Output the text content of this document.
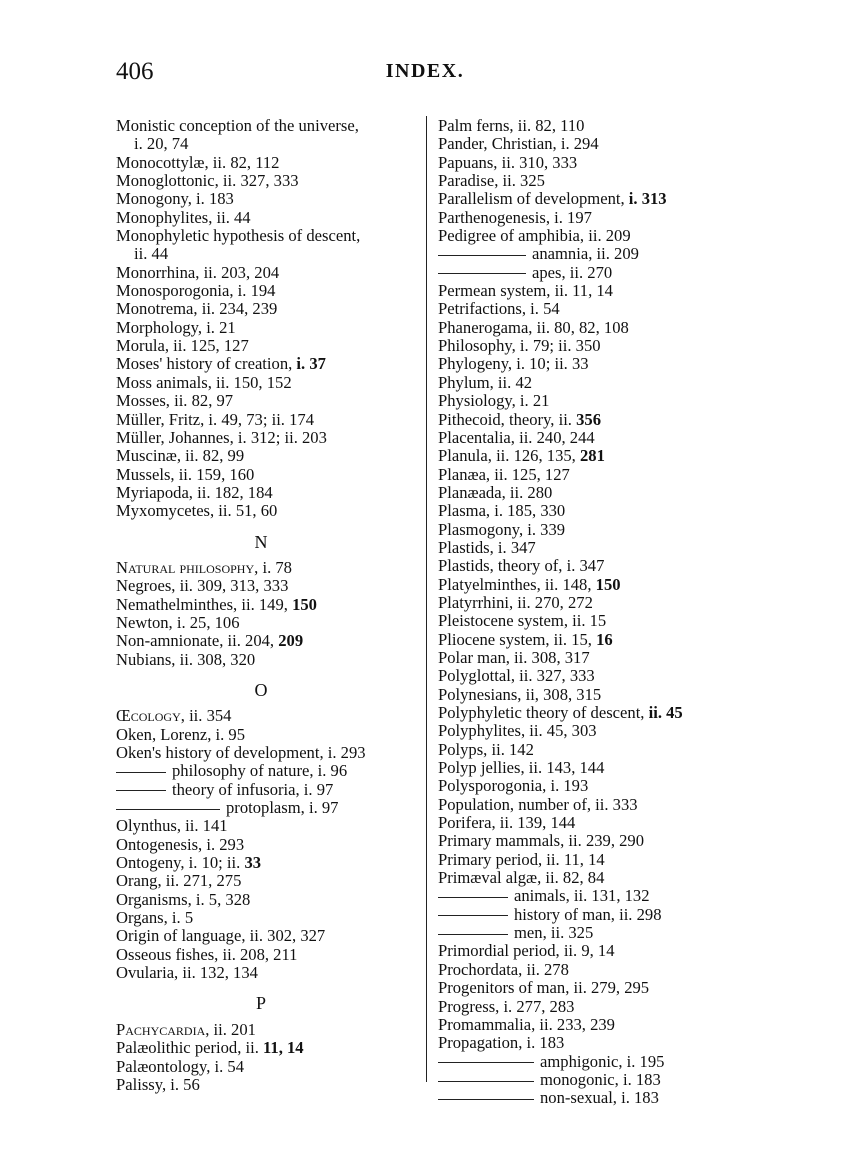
406	INDEX.
Monistic conception of the universe,
i. 20, 74
Monocottylæ, ii. 82, 112
Monoglottonic, ii. 327, 333
Monogony, i. 183
Monophylites, ii. 44
Monophyletic hypothesis of descent,
ii. 44
Monorrhina, ii. 203, 204
Monosporogonia, i. 194
Monotrema, ii. 234, 239
Morphology, i. 21
Morula, ii. 125, 127
Moses' history of creation, i. 37
Moss animals, ii. 150, 152
Mosses, ii. 82, 97
Müller, Fritz, i. 49, 73; ii. 174
Müller, Johannes, i. 312; ii. 203
Muscinæ, ii. 82, 99
Mussels, ii. 159, 160
Myriapoda, ii. 182, 184
Myxomycetes, ii. 51, 60
N
Natural philosophy, i. 78
Negroes, ii. 309, 313, 333
Nemathelminthes, ii. 149, 150
Newton, i. 25, 106
Non-amnionate, ii. 204, 209
Nubians, ii. 308, 320
O
Œcology, ii. 354
Oken, Lorenz, i. 95
Oken's history of development, i. 293
philosophy of nature, i. 96
theory of infusoria, i. 97
protoplasm, i. 97
Olynthus, ii. 141
Ontogenesis, i. 293
Ontogeny, i. 10; ii. 33
Orang, ii. 271, 275
Organisms, i. 5, 328
Organs, i. 5
Origin of language, ii. 302, 327
Osseous fishes, ii. 208, 211
Ovularia, ii. 132, 134
P
Pachycardia, ii. 201
Palæolithic period, ii. 11, 14
Palæontology, i. 54
Palissy, i. 56
Palm ferns, ii. 82, 110
Pander, Christian, i. 294
Papuans, ii. 310, 333
Paradise, ii. 325
Parallelism of development, i. 313
Parthenogenesis, i. 197
Pedigree of amphibia, ii. 209
anamnia, ii. 209
apes, ii. 270
Permean system, ii. 11, 14
Petrifactions, i. 54
Phanerogama, ii. 80, 82, 108
Philosophy, i. 79; ii. 350
Phylogeny, i. 10; ii. 33
Phylum, ii. 42
Physiology, i. 21
Pithecoid, theory, ii. 356
Placentalia, ii. 240, 244
Planula, ii. 126, 135, 281
Planæa, ii. 125, 127
Planæada, ii. 280
Plasma, i. 185, 330
Plasmogony, i. 339
Plastids, i. 347
Plastids, theory of, i. 347
Platyelminthes, ii. 148, 150
Platyrrhini, ii. 270, 272
Pleistocene system, ii. 15
Pliocene system, ii. 15, 16
Polar man, ii. 308, 317
Polyglottal, ii. 327, 333
Polynesians, ii, 308, 315
Polyphyletic theory of descent, ii. 45
Polyphylites, ii. 45, 303
Polyps, ii. 142
Polyp jellies, ii. 143, 144
Polysporogonia, i. 193
Population, number of, ii. 333
Porifera, ii. 139, 144
Primary mammals, ii. 239, 290
Primary period, ii. 11, 14
Primæval algæ, ii. 82, 84
animals, ii. 131, 132
history of man, ii. 298
men, ii. 325
Primordial period, ii. 9, 14
Prochordata, ii. 278
Progenitors of man, ii. 279, 295
Progress, i. 277, 283
Promammalia, ii. 233, 239
Propagation, i. 183
amphigonic, i. 195
monogonic, i. 183
non-sexual, i. 183
